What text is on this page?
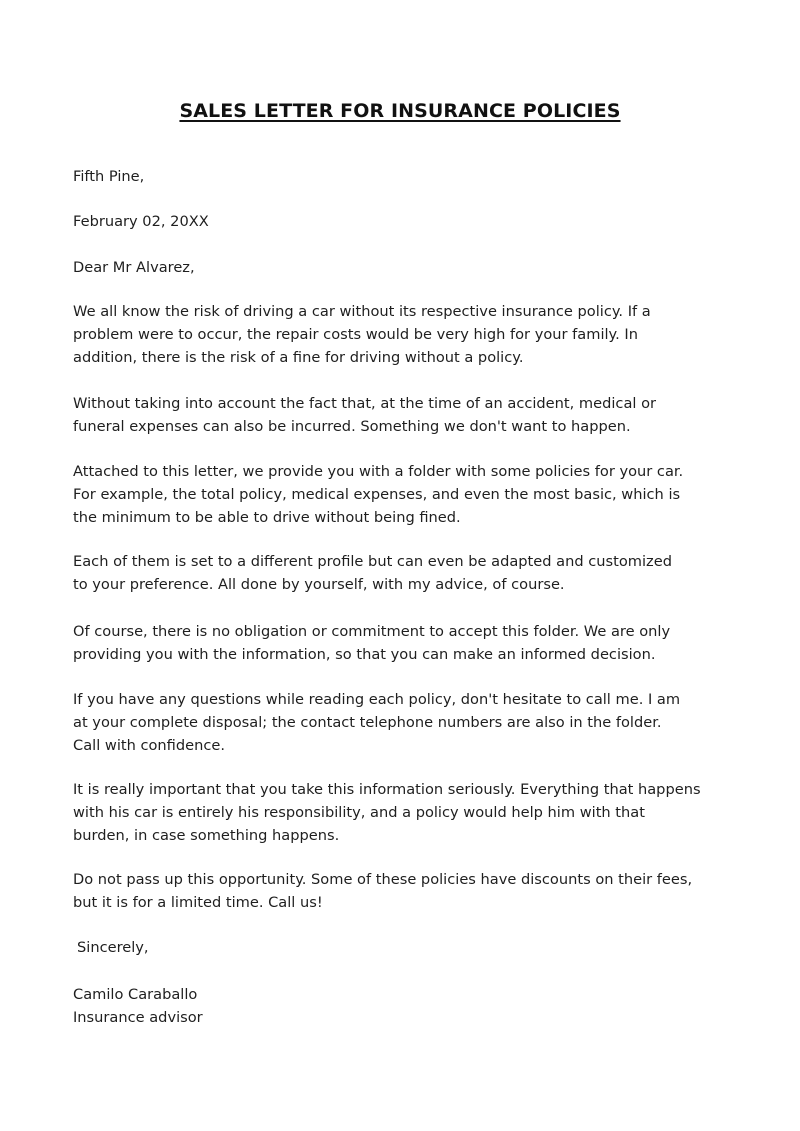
SALES LETTER FOR INSURANCE POLICIES
Fifth Pine,
February 02, 20XX
Dear Mr Alvarez,
We all know the risk of driving a car without its respective insurance policy. If a
problem were to occur, the repair costs would be very high for your family. In
addition, there is the risk of a fine for driving without a policy.
Without taking into account the fact that, at the time of an accident, medical or
funeral expenses can also be incurred. Something we don't want to happen.
Attached to this letter, we provide you with a folder with some policies for your car.
For example, the total policy, medical expenses, and even the most basic, which is
the minimum to be able to drive without being fined.
Each of them is set to a different profile but can even be adapted and customized
to your preference. All done by yourself, with my advice, of course.
Of course, there is no obligation or commitment to accept this folder. We are only
providing you with the information, so that you can make an informed decision.
If you have any questions while reading each policy, don't hesitate to call me. I am
at your complete disposal; the contact telephone numbers are also in the folder.
Call with confidence.
It is really important that you take this information seriously. Everything that happens
with his car is entirely his responsibility, and a policy would help him with that
burden, in case something happens.
Do not pass up this opportunity. Some of these policies have discounts on their fees,
but it is for a limited time. Call us!
Sincerely,
Camilo Caraballo
Insurance advisor
